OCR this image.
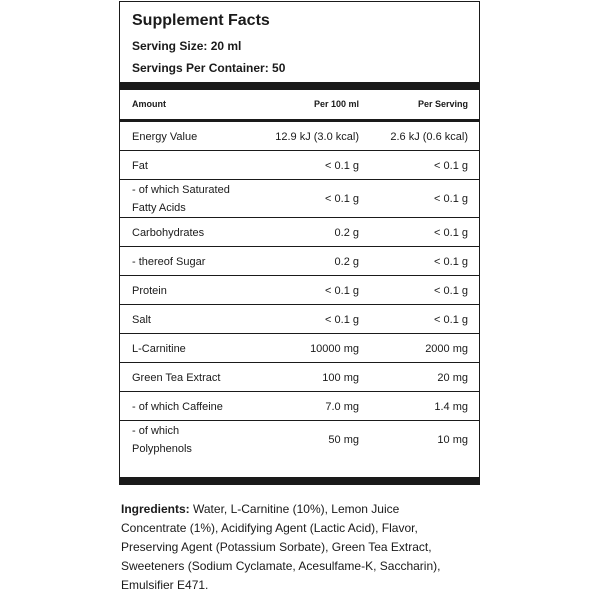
Supplement Facts
Serving Size: 20 ml
Servings Per Container: 50
Amount	Per 100 ml	Per Serving
Energy Value	12.9 kJ (3.0 kcal)	2.6 kJ (0.6 kcal)
Fat	< 0.1 g	< 0.1 g
- of which Saturated
Fatty Acids
< 0.1 g	< 0.1 g
Carbohydrates	0.2 g	< 0.1 g
- thereof Sugar	0.2 g	< 0.1 g
Protein	< 0.1 g	< 0.1 g
Salt	< 0.1 g	< 0.1 g
L-Carnitine	10000 mg	2000 mg
Green Tea Extract	100 mg	20 mg
- of which Caffeine	7.0 mg	1.4 mg
- of which
Polyphenols
50 mg	10 mg
Ingredients: Water, L-Carnitine (10%), Lemon Juice
Concentrate (1%), Acidifying Agent (Lactic Acid), Flavor,
Preserving Agent (Potassium Sorbate), Green Tea Extract,
Sweeteners (Sodium Cyclamate, Acesulfame-K, Saccharin),
Emulsifier E471.
